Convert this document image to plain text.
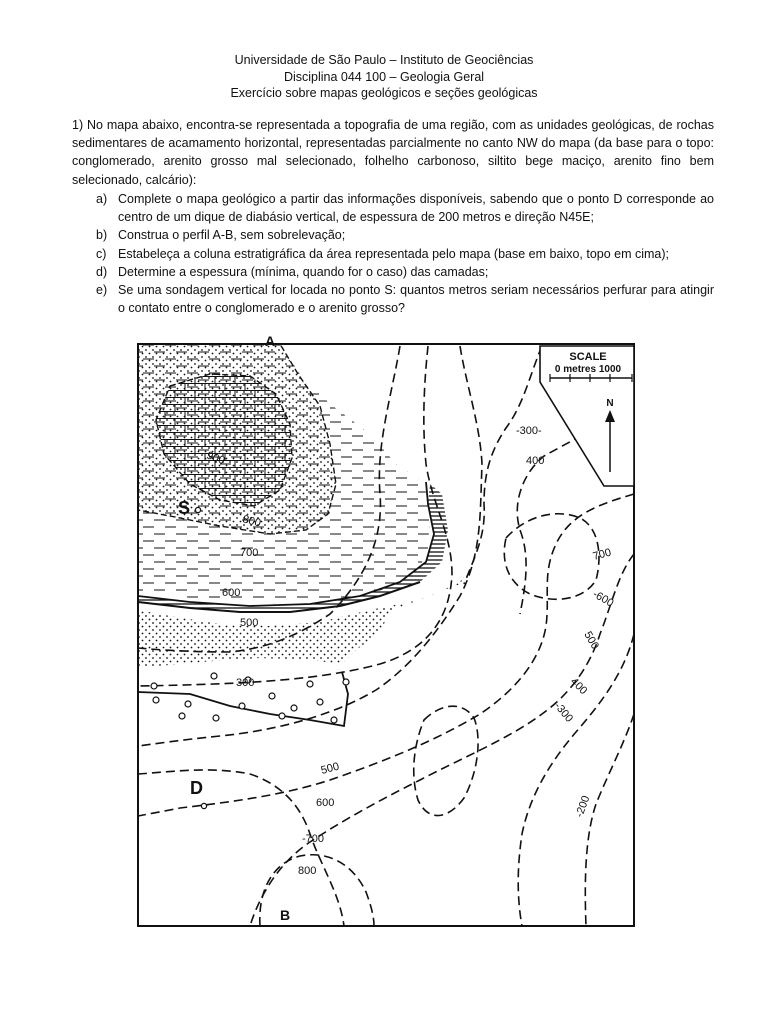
Universidade de São Paulo – Instituto de Geociências
Disciplina 044 100 – Geologia Geral
Exercício sobre mapas geológicos e seções geológicas
1) No mapa abaixo, encontra-se representada a topografia de uma região, com as unidades geológicas, de rochas sedimentares de acamamento horizontal, representadas parcialmente no canto NW do mapa (da base para o topo: conglomerado, arenito grosso mal selecionado, folhelho carbonoso, siltito bege maciço, arenito fino bem selecionado, calcário):
a) Complete o mapa geológico a partir das informações disponíveis, sabendo que o ponto D corresponde ao centro de um dique de diabásio vertical, de espessura de 200 metros e direção N45E;
b) Construa o perfil A-B, sem sobrelevação;
c) Estabeleça a coluna estratigráfica da área representada pelo mapa (base em baixo, topo em cima);
d) Determine a espessura (mínima, quando for o caso) das camadas;
e) Se uma sondagem vertical for locada no ponto S: quantos metros seriam necessários perfurar para atingir o contato entre o conglomerado e o arenito grosso?
A
B
S
D
900
800
700
600
500
300
500
600
-700
800
-300-
400
700
-600
500
400
-300
-200
SCALE
0 metres 1000
N
